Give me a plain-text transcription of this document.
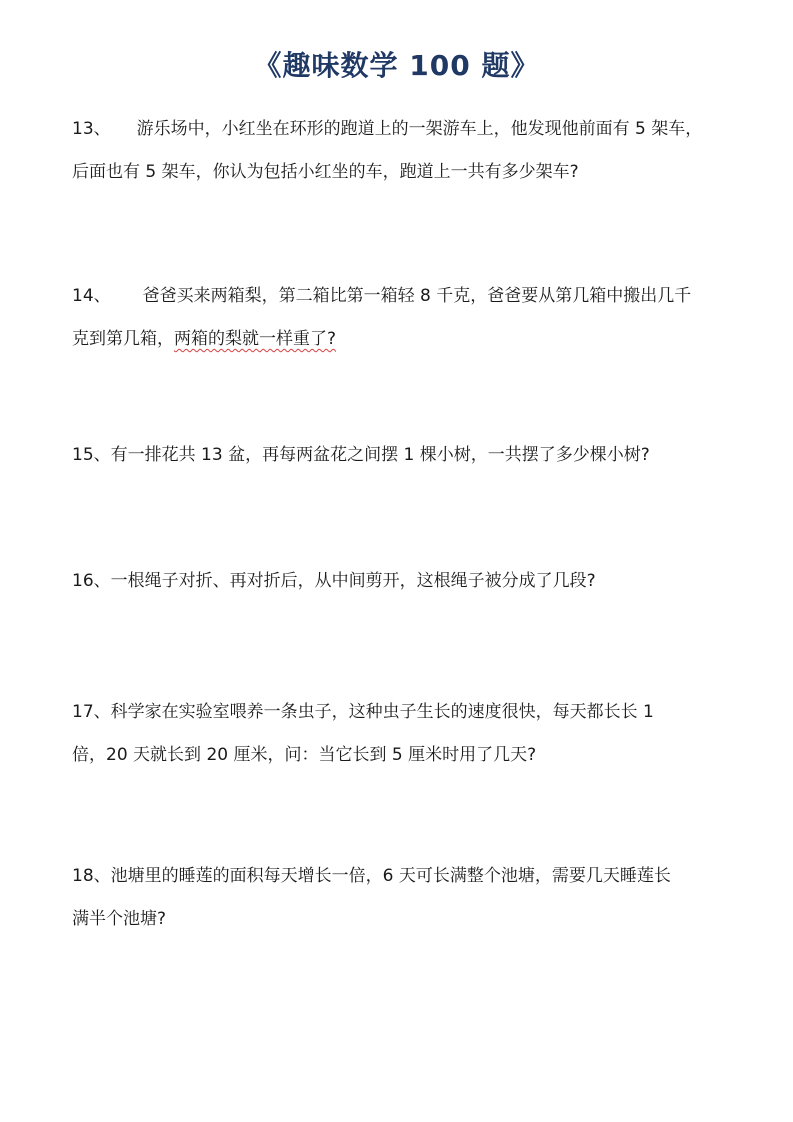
《趣味数学 100 题》
13、 游乐场中，小红坐在环形的跑道上的一架游车上，他发现他前面有 5 架车，
后面也有 5 架车，你认为包括小红坐的车，跑道上一共有多少架车?
14、 爸爸买来两箱梨，第二箱比第一箱轻 8 千克，爸爸要从第几箱中搬出几千
克到第几箱，两箱的梨就一样重了?
15、有一排花共 13 盆，再每两盆花之间摆 1 棵小树，一共摆了多少棵小树?
16、一根绳子对折、再对折后，从中间剪开，这根绳子被分成了几段?
17、科学家在实验室喂养一条虫子，这种虫子生长的速度很快，每天都长长 1
倍，20 天就长到 20 厘米，问：当它长到 5 厘米时用了几天?
18、池塘里的睡莲的面积每天增长一倍，6 天可长满整个池塘，需要几天睡莲长
满半个池塘?
